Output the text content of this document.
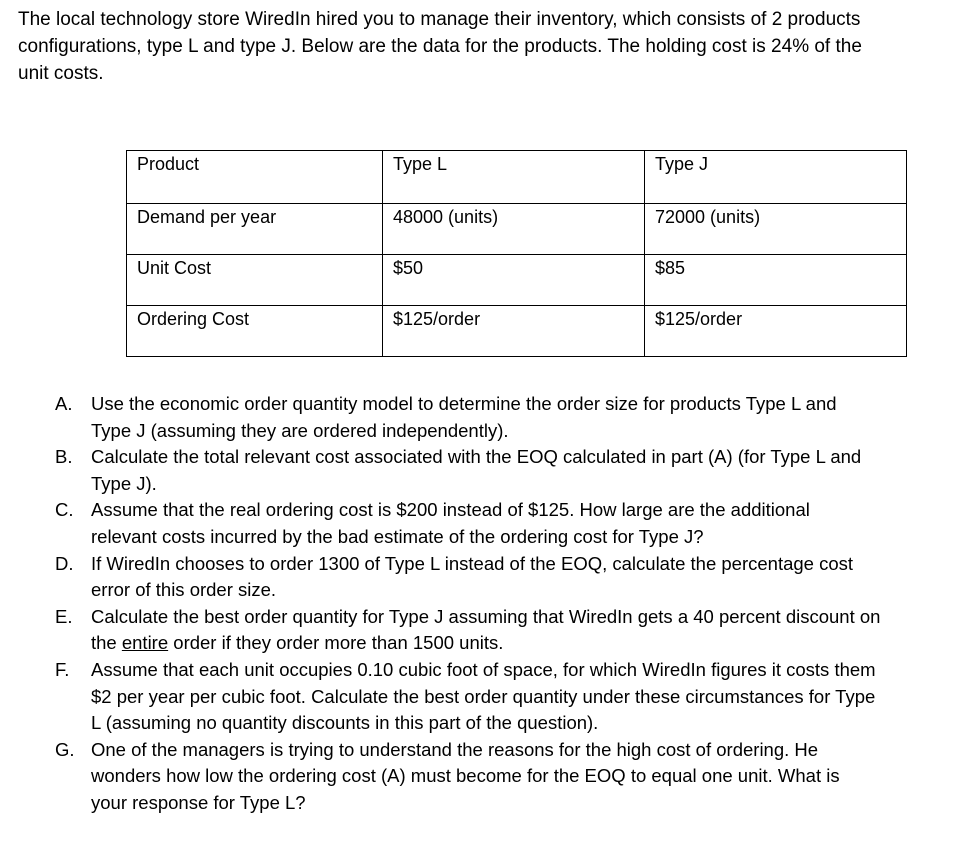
The local technology store WiredIn hired you to manage their inventory, which consists of 2 products
configurations, type L and type J. Below are the data for the products. The holding cost is 24% of the
unit costs.
Product	Type L	Type J
Demand per year	48000 (units)	72000 (units)
Unit Cost	$50	$85
Ordering Cost	$125/order	$125/order
A. Use the economic order quantity model to determine the order size for products Type L and
Type J (assuming they are ordered independently).
B. Calculate the total relevant cost associated with the EOQ calculated in part (A) (for Type L and
Type J).
C. Assume that the real ordering cost is $200 instead of $125. How large are the additional
relevant costs incurred by the bad estimate of the ordering cost for Type J?
D. If WiredIn chooses to order 1300 of Type L instead of the EOQ, calculate the percentage cost
error of this order size.
E. Calculate the best order quantity for Type J assuming that WiredIn gets a 40 percent discount on
the entire order if they order more than 1500 units.
F. Assume that each unit occupies 0.10 cubic foot of space, for which WiredIn figures it costs them
$2 per year per cubic foot. Calculate the best order quantity under these circumstances for Type
L (assuming no quantity discounts in this part of the question).
G. One of the managers is trying to understand the reasons for the high cost of ordering. He
wonders how low the ordering cost (A) must become for the EOQ to equal one unit. What is
your response for Type L?
